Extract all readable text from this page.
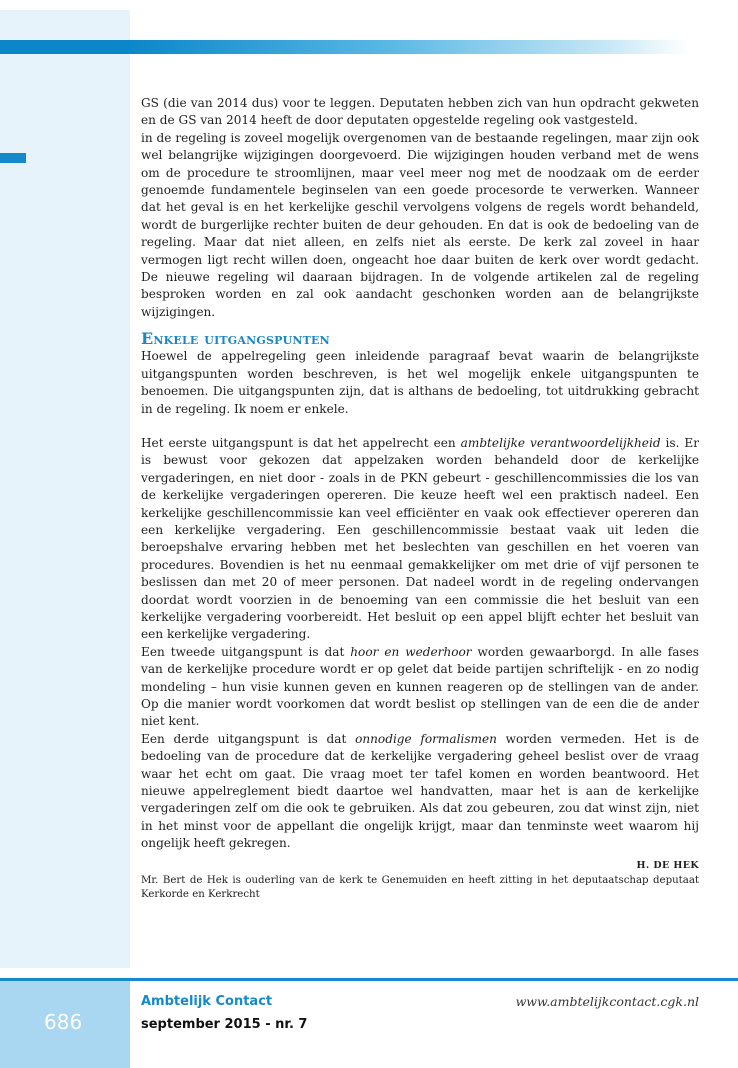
GS (die van 2014 dus) voor te leggen. Deputaten hebben zich van hun opdracht gekweten en de GS van 2014 heeft de door deputaten opgestelde regeling ook vastgesteld.

in de regeling is zoveel mogelijk overgenomen van de bestaande regelingen, maar zijn ook wel belangrijke wijzigingen doorgevoerd. Die wijzigingen houden verband met de wens om de procedure te stroomlijnen, maar veel meer nog met de noodzaak om de eerder genoemde fundamentele beginselen van een goede procesorde te verwerken. Wanneer dat het geval is en het kerkelijke geschil vervolgens volgens de regels wordt behandeld, wordt de burgerlijke rechter buiten de deur gehouden. En dat is ook de bedoeling van de regeling. Maar dat niet alleen, en zelfs niet als eerste. De kerk zal zoveel in haar vermogen ligt recht willen doen, ongeacht hoe daar buiten de kerk over wordt gedacht. De nieuwe regeling wil daaraan bijdragen. In de volgende artikelen zal de regeling besproken worden en zal ook aandacht geschonken worden aan de belangrijkste wijzigingen.

Enkele uitgangspunten

Hoewel de appelregeling geen inleidende paragraaf bevat waarin de belangrijkste uitgangspunten worden beschreven, is het wel mogelijk enkele uitgangspunten te benoemen. Die uitgangspunten zijn, dat is althans de bedoeling, tot uitdrukking gebracht in de regeling. Ik noem er enkele.

Het eerste uitgangspunt is dat het appelrecht een ambtelijke verantwoordelijkheid is. Er is bewust voor gekozen dat appelzaken worden behandeld door de kerkelijke vergaderingen, en niet door - zoals in de PKN gebeurt - geschillencommissies die los van de kerkelijke vergaderingen opereren. Die keuze heeft wel een praktisch nadeel. Een kerkelijke geschillencommissie kan veel efficiënter en vaak ook effectiever opereren dan een kerkelijke vergadering. Een geschillencommissie bestaat vaak uit leden die beroepshalve ervaring hebben met het beslechten van geschillen en het voeren van procedures. Bovendien is het nu eenmaal gemakkelijker om met drie of vijf personen te beslissen dan met 20 of meer personen. Dat nadeel wordt in de regeling ondervangen doordat wordt voorzien in de benoeming van een commissie die het besluit van een kerkelijke vergadering voorbereidt. Het besluit op een appel blijft echter het besluit van een kerkelijke vergadering.

Een tweede uitgangspunt is dat hoor en wederhoor worden gewaarborgd. In alle fases van de kerkelijke procedure wordt er op gelet dat beide partijen schriftelijk - en zo nodig mondeling – hun visie kunnen geven en kunnen reageren op de stellingen van de ander. Op die manier wordt voorkomen dat wordt beslist op stellingen van de een die de ander niet kent.

Een derde uitgangspunt is dat onnodige formalismen worden vermeden. Het is de bedoeling van de procedure dat de kerkelijke vergadering geheel beslist over de vraag waar het echt om gaat. Die vraag moet ter tafel komen en worden beantwoord. Het nieuwe appelreglement biedt daartoe wel handvatten, maar het is aan de kerkelijke vergaderingen zelf om die ook te gebruiken. Als dat zou gebeuren, zou dat winst zijn, niet in het minst voor de appellant die ongelijk krijgt, maar dan tenminste weet waarom hij ongelijk heeft gekregen.

H. DE HEK

Mr. Bert de Hek is ouderling van de kerk te Genemuiden en heeft zitting in het deputaatschap deputaat Kerkorde en Kerkrecht

686
Ambtelijk Contact
september 2015 - nr. 7
www.ambtelijkcontact.cgk.nl
